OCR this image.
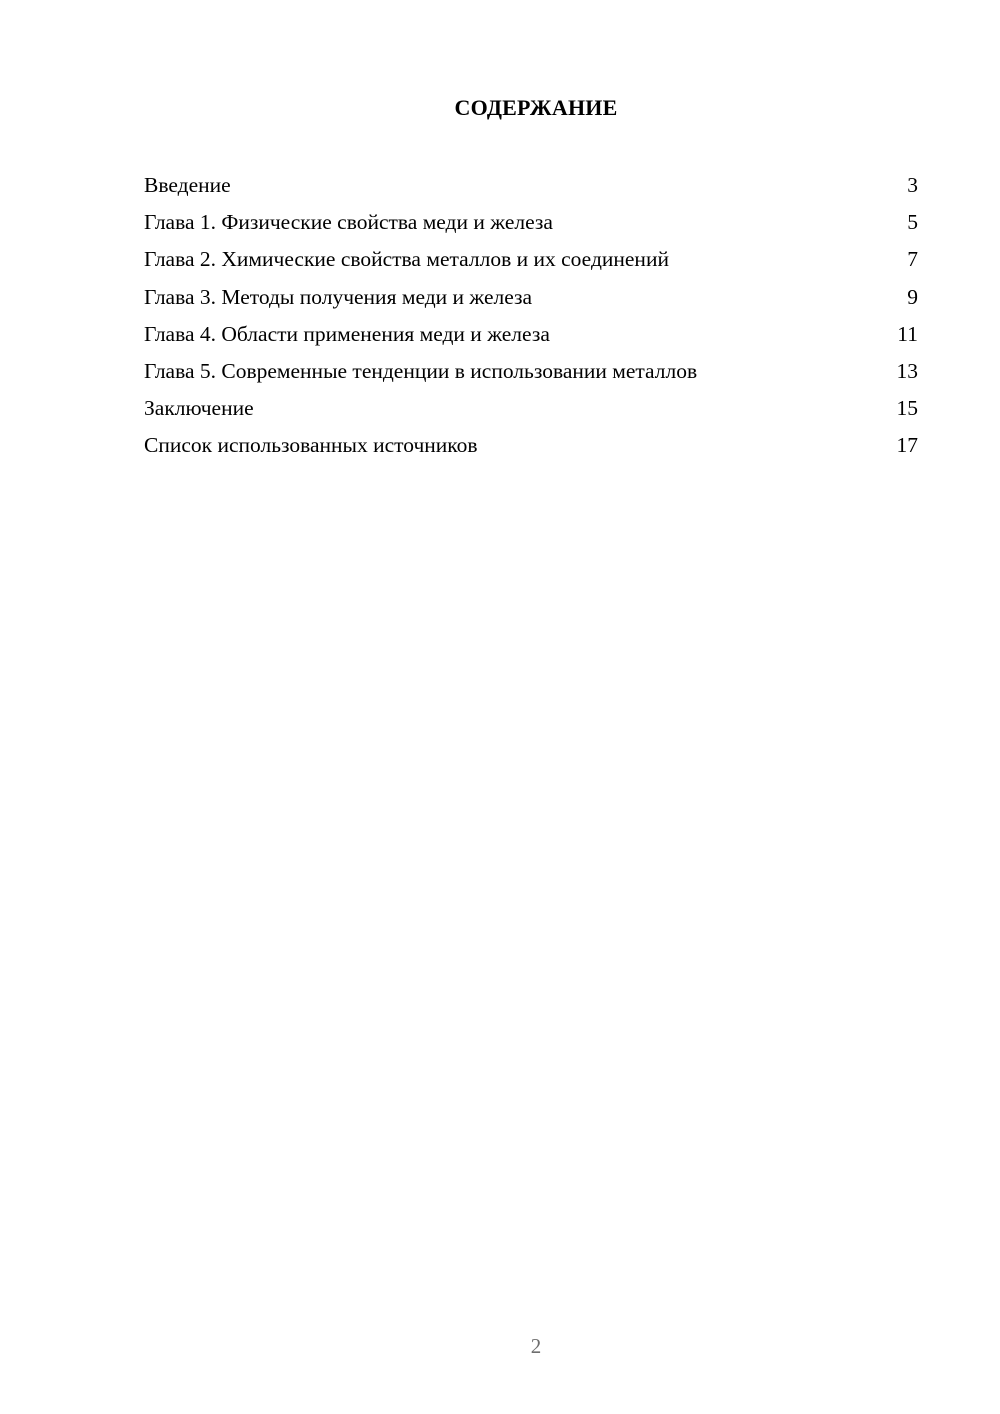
СОДЕРЖАНИЕ
Введение	3
Глава 1. Физические свойства меди и железа	5
Глава 2. Химические свойства металлов и их соединений	7
Глава 3. Методы получения меди и железа	9
Глава 4. Области применения меди и железа	11
Глава 5. Современные тенденции в использовании металлов	13
Заключение	15
Список использованных источников	17
2
